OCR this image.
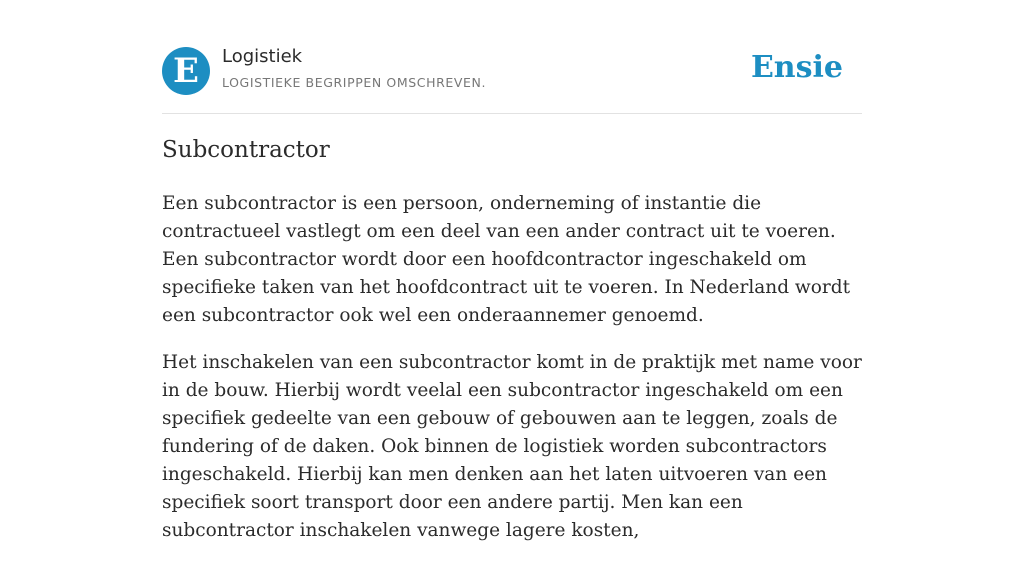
E	Logistiek
LOGISTIEKE BEGRIPPEN OMSCHREVEN.	Ensie
Subcontractor

Een subcontractor is een persoon, onderneming of instantie die contractueel vastlegt om een deel van een ander contract uit te voeren. Een subcontractor wordt door een hoofdcontractor ingeschakeld om specifieke taken van het hoofdcontract uit te voeren. In Nederland wordt een subcontractor ook wel een onderaannemer genoemd.

Het inschakelen van een subcontractor komt in de praktijk met name voor in de bouw. Hierbij wordt veelal een subcontractor ingeschakeld om een specifiek gedeelte van een gebouw of gebouwen aan te leggen, zoals de fundering of de daken. Ook binnen de logistiek worden subcontractors ingeschakeld. Hierbij kan men denken aan het laten uitvoeren van een specifiek soort transport door een andere partij. Men kan een subcontractor inschakelen vanwege lagere kosten,
